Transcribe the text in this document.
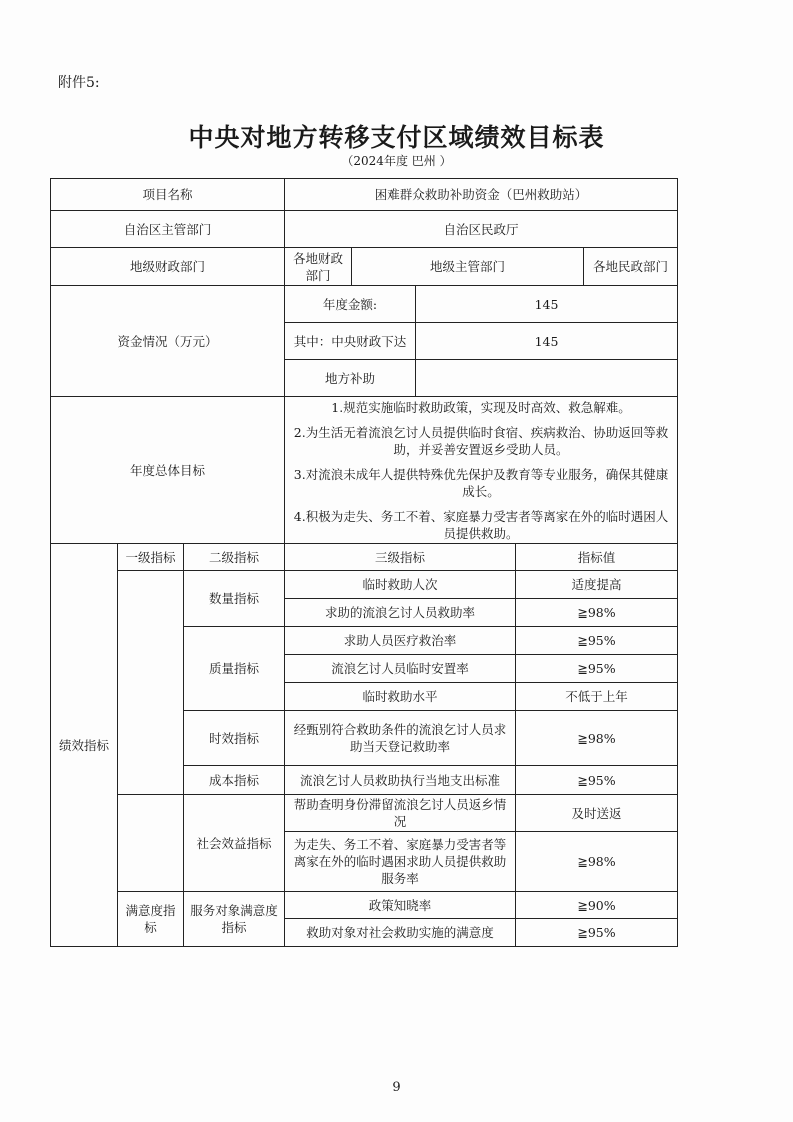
附件5:
中央对地方转移支付区域绩效目标表
（2024年度 巴州 ）
项目名称	困难群众救助补助资金（巴州救助站）			
自治区主管部门	自治区民政厅			
地级财政部门	各地财政部门	地级主管部门		各地民政部门
资金情况（万元）	年度金额:		145	
	其中：中央财政下达		145	
	地方补助			
年度总体目标	1.规范实施临时救助政策，实现及时高效、救急解难。

2.为生活无着流浪乞讨人员提供临时食宿、疾病救治、协助返回等救助，并妥善安置返乡受助人员。

3.对流浪未成年人提供特殊优先保护及教育等专业服务，确保其健康成长。

4.积极为走失、务工不着、家庭暴力受害者等离家在外的临时遇困人员提供救助。			

绩效指标	一级指标	二级指标	三级指标	指标值
		数量指标	临时救助人次	适度提高
			求助的流浪乞讨人员救助率	≧98%
		质量指标	求助人员医疗救治率	≧95%
			流浪乞讨人员临时安置率	≧95%
			临时救助水平	不低于上年
		时效指标	经甄别符合救助条件的流浪乞讨人员求助当天登记救助率	≧98%
		成本指标	流浪乞讨人员救助执行当地支出标准	≧95%
		社会效益指标	帮助查明身份滞留流浪乞讨人员返乡情况	及时送返
			为走失、务工不着、家庭暴力受害者等离家在外的临时遇困求助人员提供救助服务率	≧98%
	满意度指标	服务对象满意度指标	政策知晓率	≧90%
			救助对象对社会救助实施的满意度	≧95%
9
